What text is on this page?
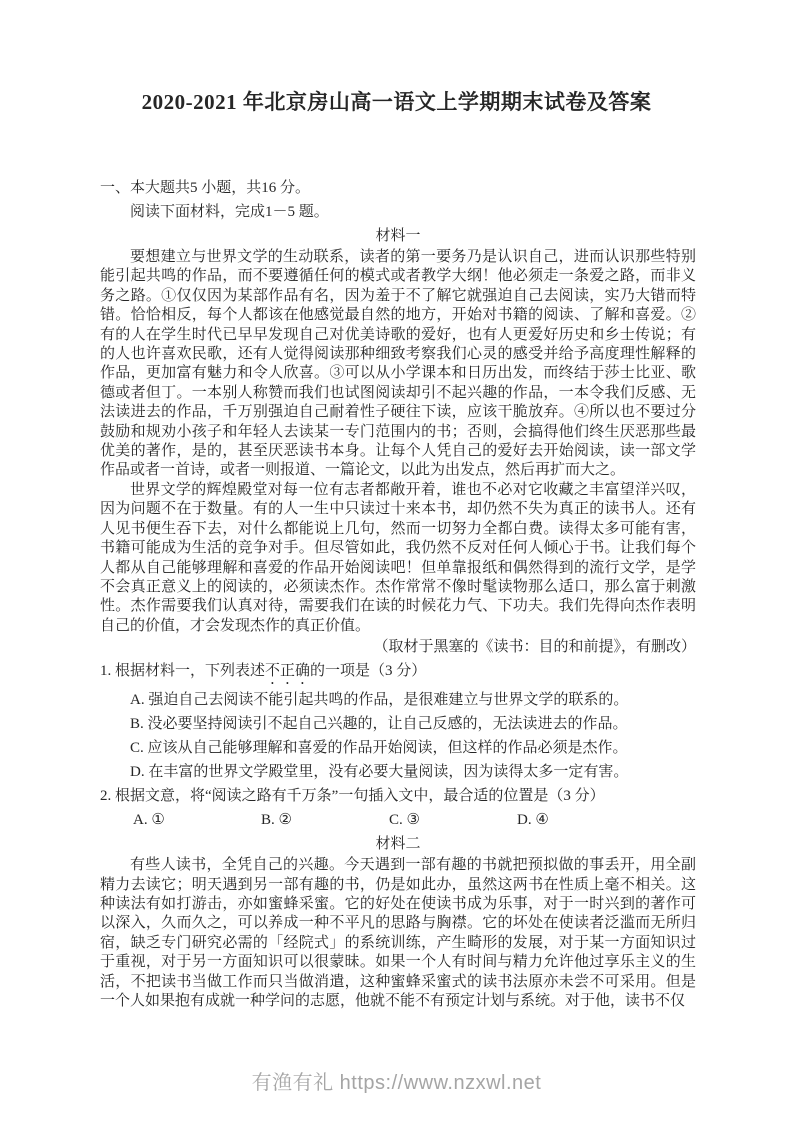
2020-2021 年北京房山高一语文上学期期末试卷及答案

一、本大题共5 小题，共16 分。

阅读下面材料，完成1－5 题。

材料一

要想建立与世界文学的生动联系，读者的第一要务乃是认识自己，进而认识那些特别能引起共鸣的作品，而不要遵循任何的模式或者教学大纲！他必须走一条爱之路，而非义务之路。①仅仅因为某部作品有名，因为羞于不了解它就强迫自己去阅读，实乃大错而特错。恰恰相反，每个人都该在他感觉最自然的地方，开始对书籍的阅读、了解和喜爱。②有的人在学生时代已早早发现自己对优美诗歌的爱好，也有人更爱好历史和乡士传说；有的人也许喜欢民歌，还有人觉得阅读那种细致考察我们心灵的感受并给予高度理性解释的作品，更加富有魅力和令人欣喜。③可以从小学课本和日历出发，而终结于莎士比亚、歌德或者但丁。一本别人称赞而我们也试图阅读却引不起兴趣的作品，一本令我们反感、无法读进去的作品，千万别强迫自己耐着性子硬往下读，应该干脆放弃。④所以也不要过分鼓励和规劝小孩子和年轻人去读某一专门范围内的书；否则，会搞得他们终生厌恶那些最优美的著作，是的，甚至厌恶读书本身。让每个人凭自己的爱好去开始阅读，读一部文学作品或者一首诗，或者一则报道、一篇论文，以此为出发点，然后再扩而大之。

世界文学的辉煌殿堂对每一位有志者都敞开着，谁也不必对它收藏之丰富望洋兴叹，因为问题不在于数量。有的人一生中只读过十来本书，却仍然不失为真正的读书人。还有人见书便生吞下去，对什么都能说上几句，然而一切努力全都白费。读得太多可能有害，书籍可能成为生活的竞争对手。但尽管如此，我仍然不反对任何人倾心于书。让我们每个人都从自己能够理解和喜爱的作品开始阅读吧！但单靠报纸和偶然得到的流行文学，是学不会真正意义上的阅读的，必须读杰作。杰作常常不像时髦读物那么适口，那么富于刺激性。杰作需要我们认真对待，需要我们在读的时候花力气、下功夫。我们先得向杰作表明自己的价值，才会发现杰作的真正价值。

（取材于黑塞的《读书：目的和前提》，有删改）

1. 根据材料一，下列表述不正确的一项是（3 分）

A. 强迫自己去阅读不能引起共鸣的作品，是很难建立与世界文学的联系的。

B. 没必要坚持阅读引不起自己兴趣的，让自己反感的，无法读进去的作品。

C. 应该从自己能够理解和喜爱的作品开始阅读，但这样的作品必须是杰作。

D. 在丰富的世界文学殿堂里，没有必要大量阅读，因为读得太多一定有害。

2. 根据文意，将“阅读之路有千万条”一句插入文中，最合适的位置是（3 分）

A. ①	B. ②	C. ③	D. ④

材料二

有些人读书，全凭自己的兴趣。今天遇到一部有趣的书就把预拟做的事丢开，用全副精力去读它；明天遇到另一部有趣的书，仍是如此办，虽然这两书在性质上毫不相关。这种读法有如打游击，亦如蜜蜂采蜜。它的好处在使读书成为乐事，对于一时兴到的著作可以深入，久而久之，可以养成一种不平凡的思路与胸襟。它的坏处在使读者泛滥而无所归宿，缺乏专门研究必需的「经院式」的系统训练，产生畸形的发展，对于某一方面知识过于重视，对于另一方面知识可以很蒙昧。如果一个人有时间与精力允许他过享乐主义的生活，不把读书当做工作而只当做消遣，这种蜜蜂采蜜式的读书法原亦未尝不可采用。但是一个人如果抱有成就一种学问的志愿，他就不能不有预定计划与系统。对于他，读书不仅

有渔有礼 https://www.nzxwl.net
